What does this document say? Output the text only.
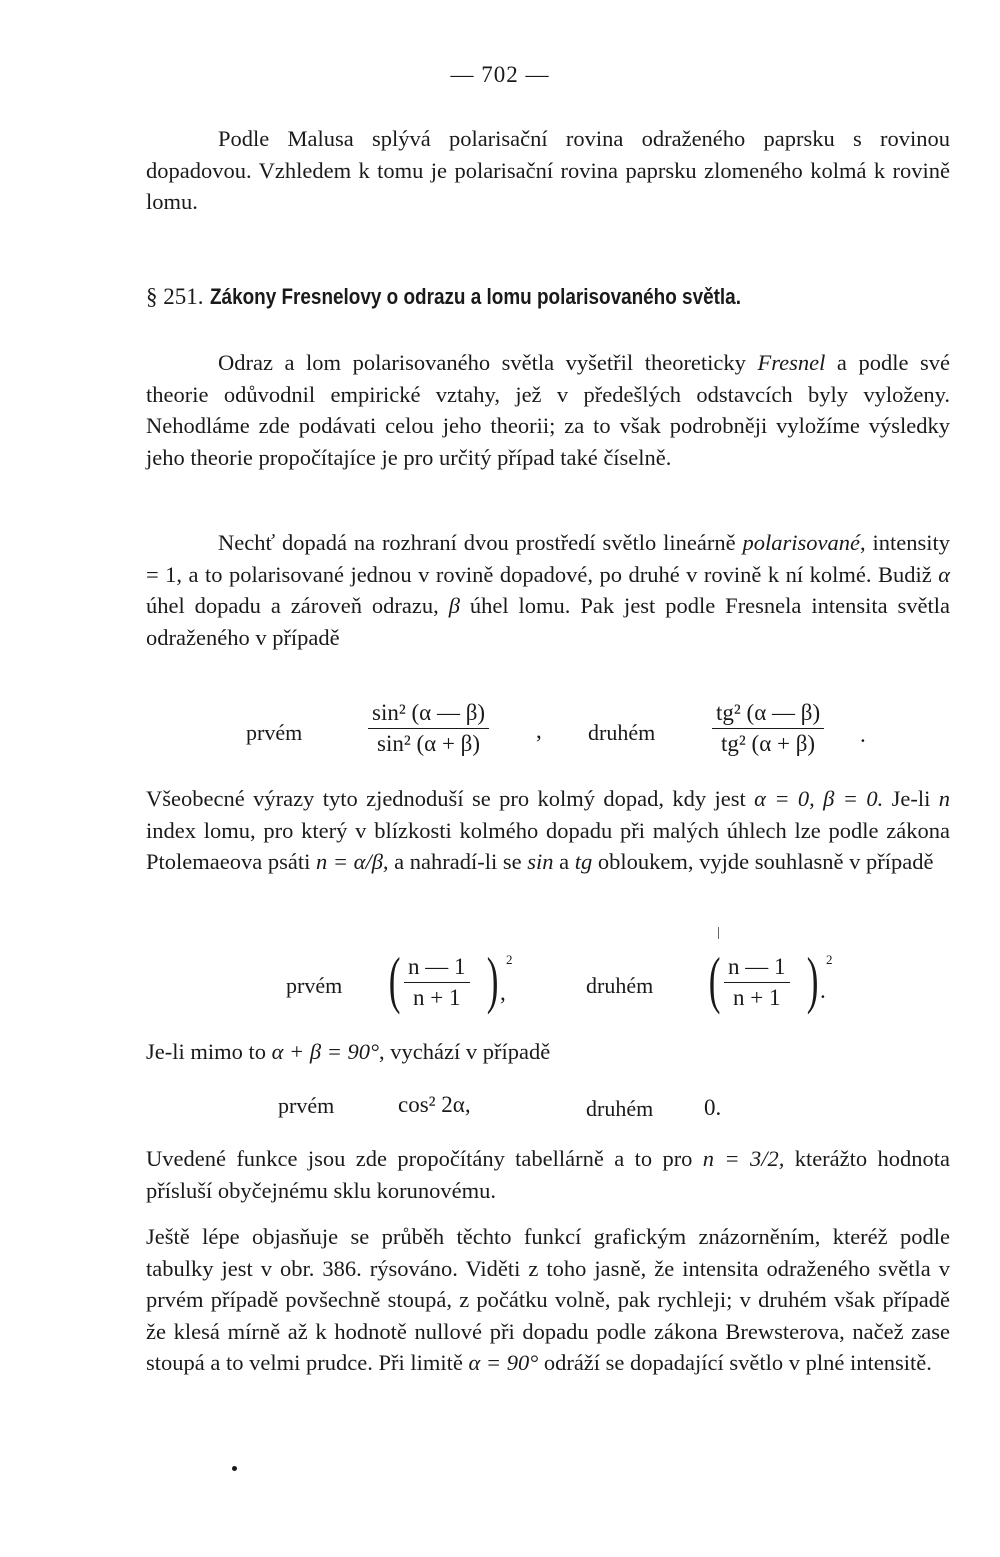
— 702 —

Podle Malusa splývá polarisační rovina odraženého paprsku s rovinou dopadovou. Vzhledem k tomu je polarisační rovina paprsku zlomeného kolmá k rovině lomu.

§ 251. Zákony Fresnelovy o odrazu a lomu polarisovaného světla.

Odraz a lom polarisovaného světla vyšetřil theoreticky Fresnel a podle své theorie odůvodnil empirické vztahy, jež v předešlých odstavcích byly vyloženy. Nehodláme zde podávati celou jeho theorii; za to však podrobněji vyložíme výsledky jeho theorie propočítajíce je pro určitý případ také číselně.

Nechť dopadá na rozhraní dvou prostředí světlo lineárně polarisované, intensity = 1, a to polarisované jednou v rovině dopadové, po druhé v rovině k ní kolmé. Budiž α úhel dopadu a zároveň odrazu, β úhel lomu. Pak jest podle Fresnela intensita světla odraženého v případě

prvém	$\frac{\text{sin² (α — β)}}{\text{sin² (α + β)}}$ , druhém $\frac{\text{tg² (α — β)}}{\text{tg² (α + β)}}$ .

Všeobecné výrazy tyto zjednoduší se pro kolmý dopad, kdy jest α = 0, β = 0. Je-li n index lomu, pro který v blízkosti kolmého dopadu při malých úhlech lze podle zákona Ptolemaeova psáti n = α/β, a nahradí-li se sin a tg obloukem, vyjde souhlasně v případě

prvém ( $\frac{n — 1}{n + 1}$ ) 2
,	druhém ( $\frac{n — 1}{n + 1}$ ) 2
.

Je-li mimo to α + β = 90°, vychází v případě

prvém	cos² 2α,	druhém 0.

Uvedené funkce jsou zde propočítány tabellárně a to pro n = 3/2, kterážto hodnota přísluší obyčejnému sklu korunovému.

Ještě lépe objasňuje se průběh těchto funkcí grafickým znázorněním, kteréž podle tabulky jest v obr. 386. rýsováno. Viděti z toho jasně, že intensita odraženého světla v prvém případě povšechně stoupá, z počátku volně, pak rychleji; v druhém však případě že klesá mírně až k hodnotě nullové při dopadu podle zákona Brewsterova, načež zase stoupá a to velmi prudce. Při limitě α = 90° odráží se dopadající světlo v plné intensitě.
